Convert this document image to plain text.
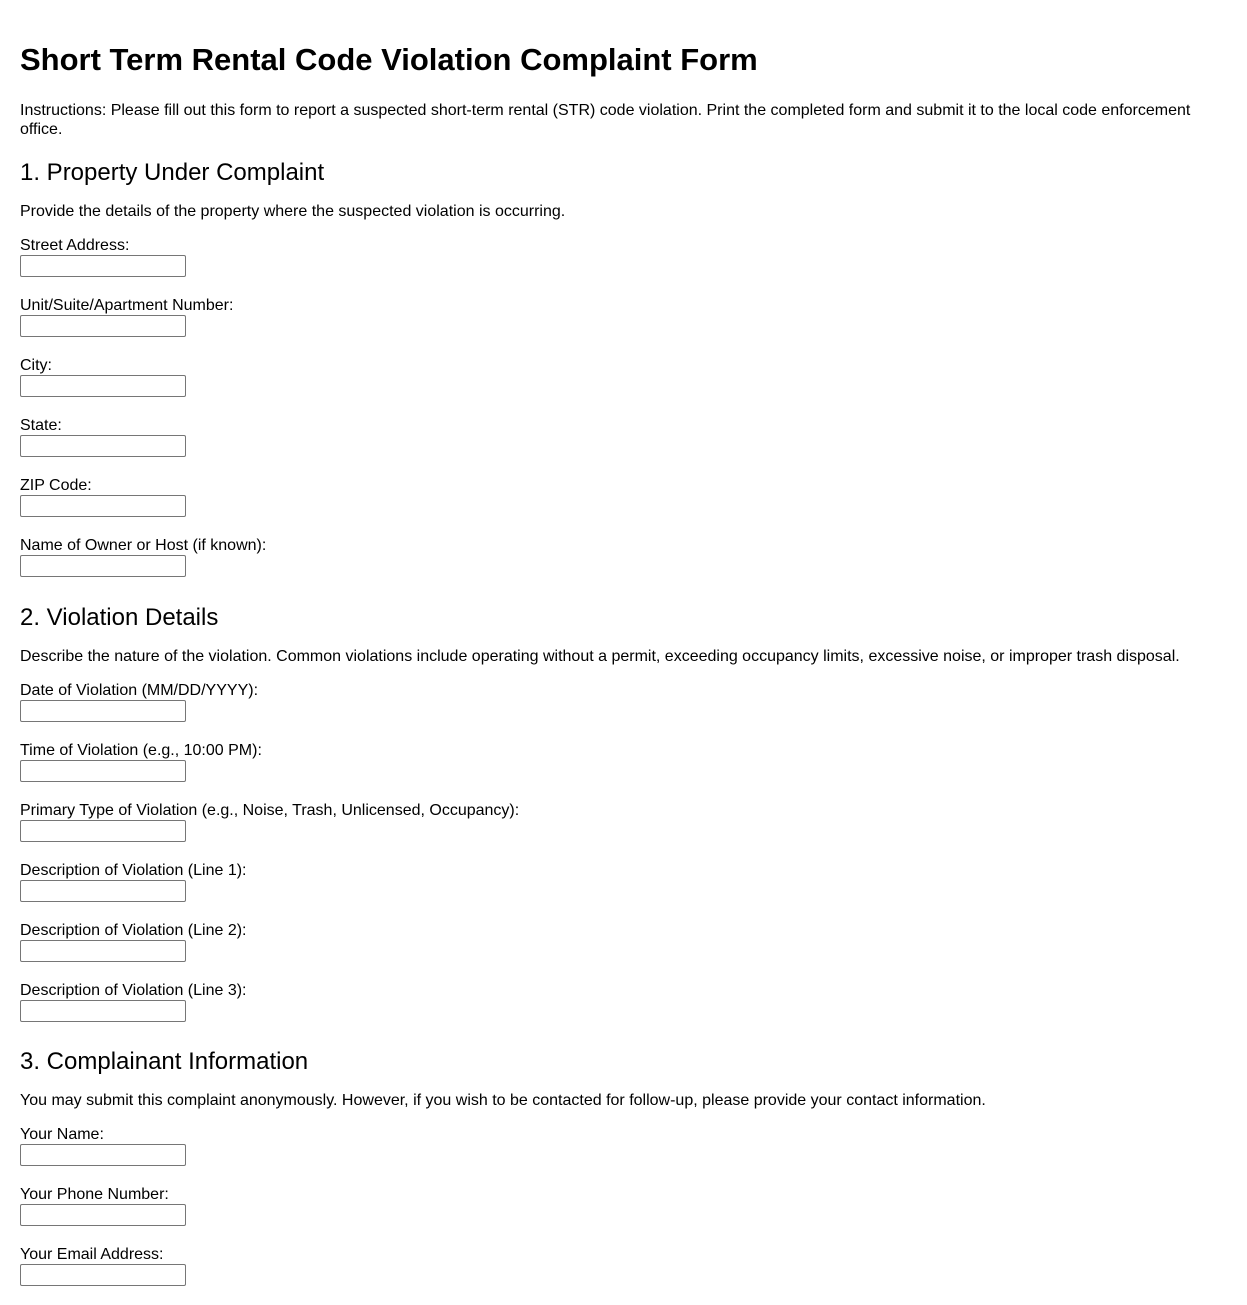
Short Term Rental Code Violation Complaint Form

Instructions: Please fill out this form to report a suspected short-term rental (STR) code violation. Print the completed form and submit it to the local code enforcement office.

1. Property Under Complaint

Provide the details of the property where the suspected violation is occurring.

Street Address:
Unit/Suite/Apartment Number:
City:
State:
ZIP Code:
Name of Owner or Host (if known):
2. Violation Details

Describe the nature of the violation. Common violations include operating without a permit, exceeding occupancy limits, excessive noise, or improper trash disposal.

Date of Violation (MM/DD/YYYY):
Time of Violation (e.g., 10:00 PM):
Primary Type of Violation (e.g., Noise, Trash, Unlicensed, Occupancy):
Description of Violation (Line 1):
Description of Violation (Line 2):
Description of Violation (Line 3):
3. Complainant Information

You may submit this complaint anonymously. However, if you wish to be contacted for follow-up, please provide your contact information.

Your Name:
Your Phone Number:
Your Email Address:
